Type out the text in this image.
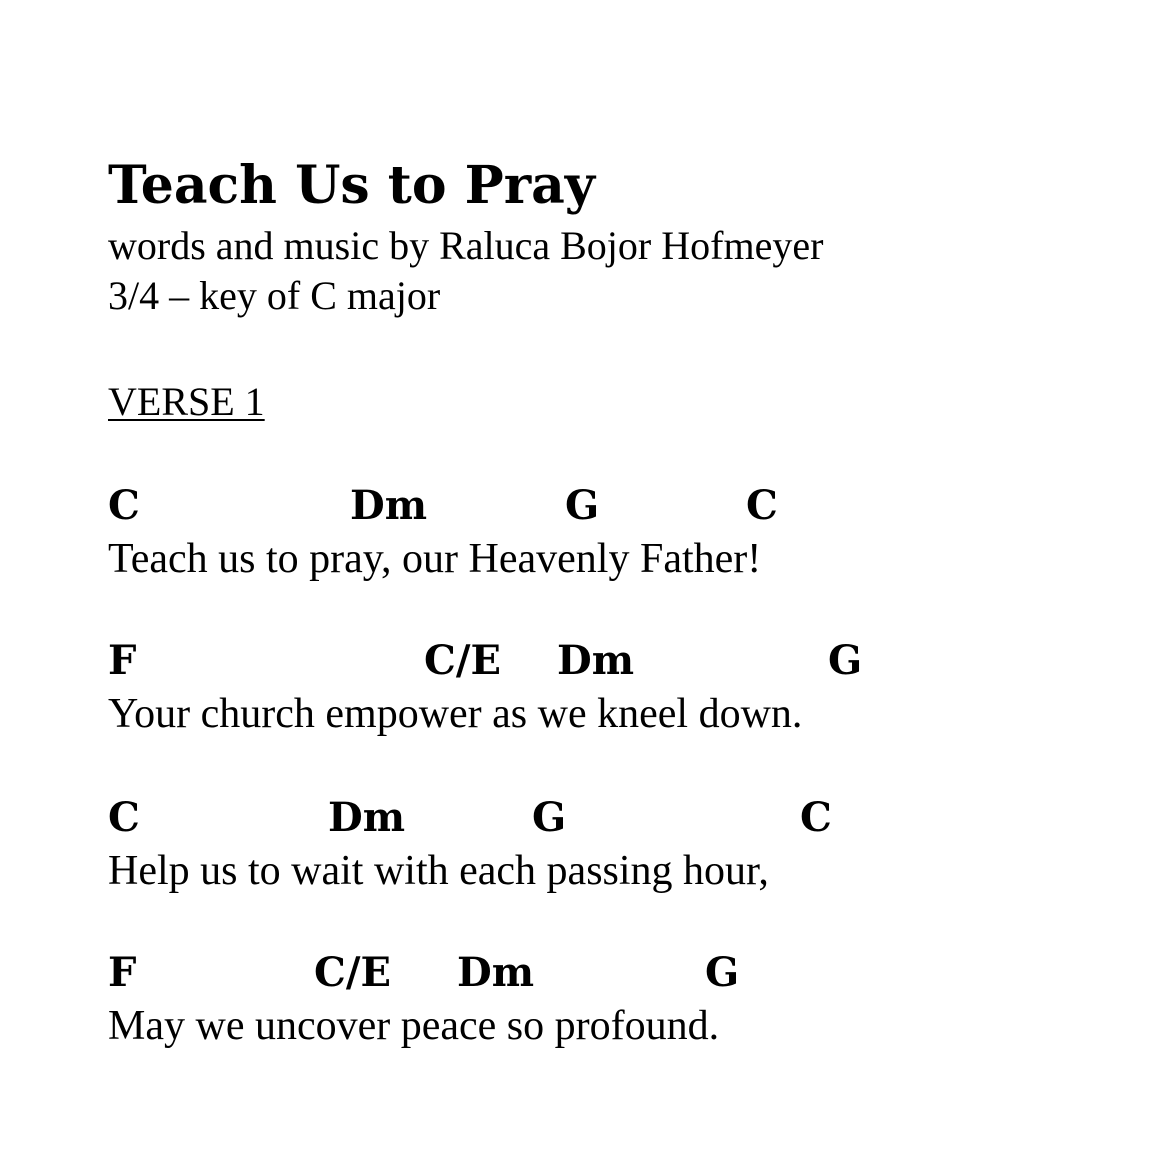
Teach Us to Pray
words and music by Raluca Bojor Hofmeyer
3/4 – key of C major
VERSE 1
C	Dm	G	C
Teach us to pray, our Heavenly Father!
F	C/E Dm	G
Your church empower as we kneel down.
C	Dm	G	C
Help us to wait with each passing hour,
F	C/E Dm	G
May we uncover peace so profound.
